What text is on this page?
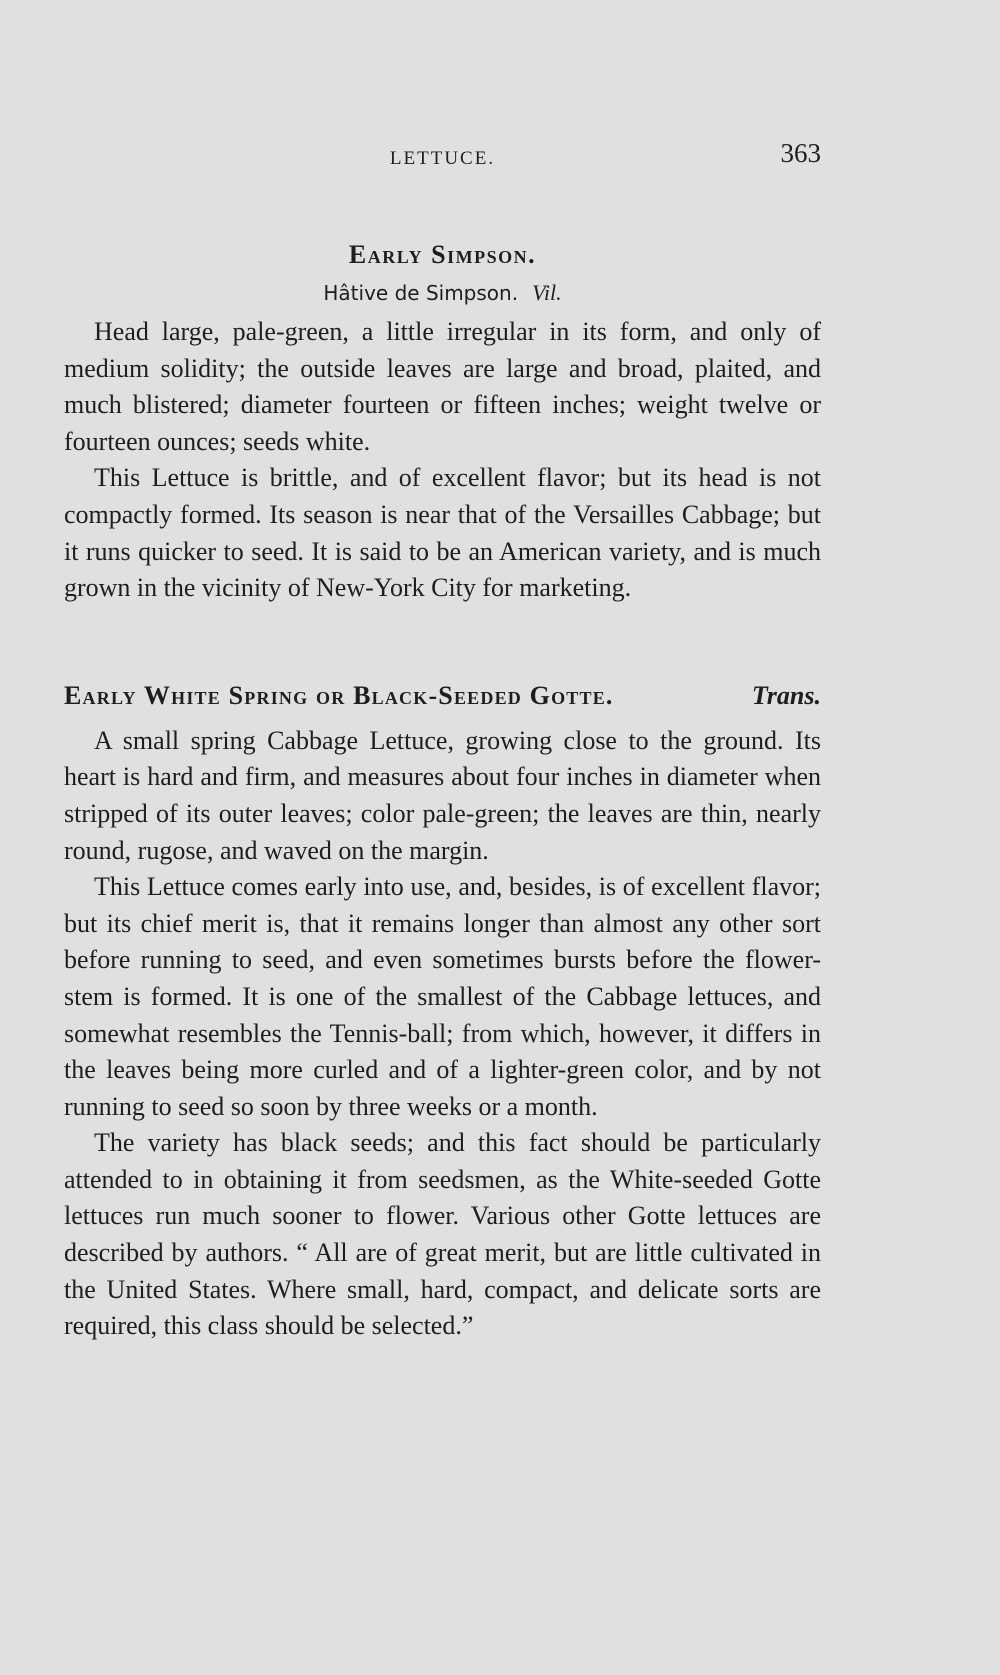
LETTUCE.	363
Early Simpson.

Hâtive de Simpson. Vil.

Head large, pale-green, a little irregular in its form, and only of medium solidity; the outside leaves are large and broad, plaited, and much blistered; diameter fourteen or fifteen inches; weight twelve or fourteen ounces; seeds white.

This Lettuce is brittle, and of excellent flavor; but its head is not compactly formed. Its season is near that of the Versailles Cabbage; but it runs quicker to seed. It is said to be an American variety, and is much grown in the vicinity of New-York City for marketing.

Early White Spring or Black-Seeded Gotte.	Trans.

A small spring Cabbage Lettuce, growing close to the ground. Its heart is hard and firm, and measures about four inches in diameter when stripped of its outer leaves; color pale-green; the leaves are thin, nearly round, rugose, and waved on the margin.

This Lettuce comes early into use, and, besides, is of excellent flavor; but its chief merit is, that it remains longer than almost any other sort before running to seed, and even sometimes bursts before the flower-stem is formed. It is one of the smallest of the Cabbage lettuces, and somewhat resembles the Tennis-ball; from which, however, it differs in the leaves being more curled and of a lighter-green color, and by not running to seed so soon by three weeks or a month.

The variety has black seeds; and this fact should be particularly attended to in obtaining it from seedsmen, as the White-seeded Gotte lettuces run much sooner to flower. Various other Gotte lettuces are described by authors. “ All are of great merit, but are little cultivated in the United States. Where small, hard, compact, and delicate sorts are required, this class should be selected.”
